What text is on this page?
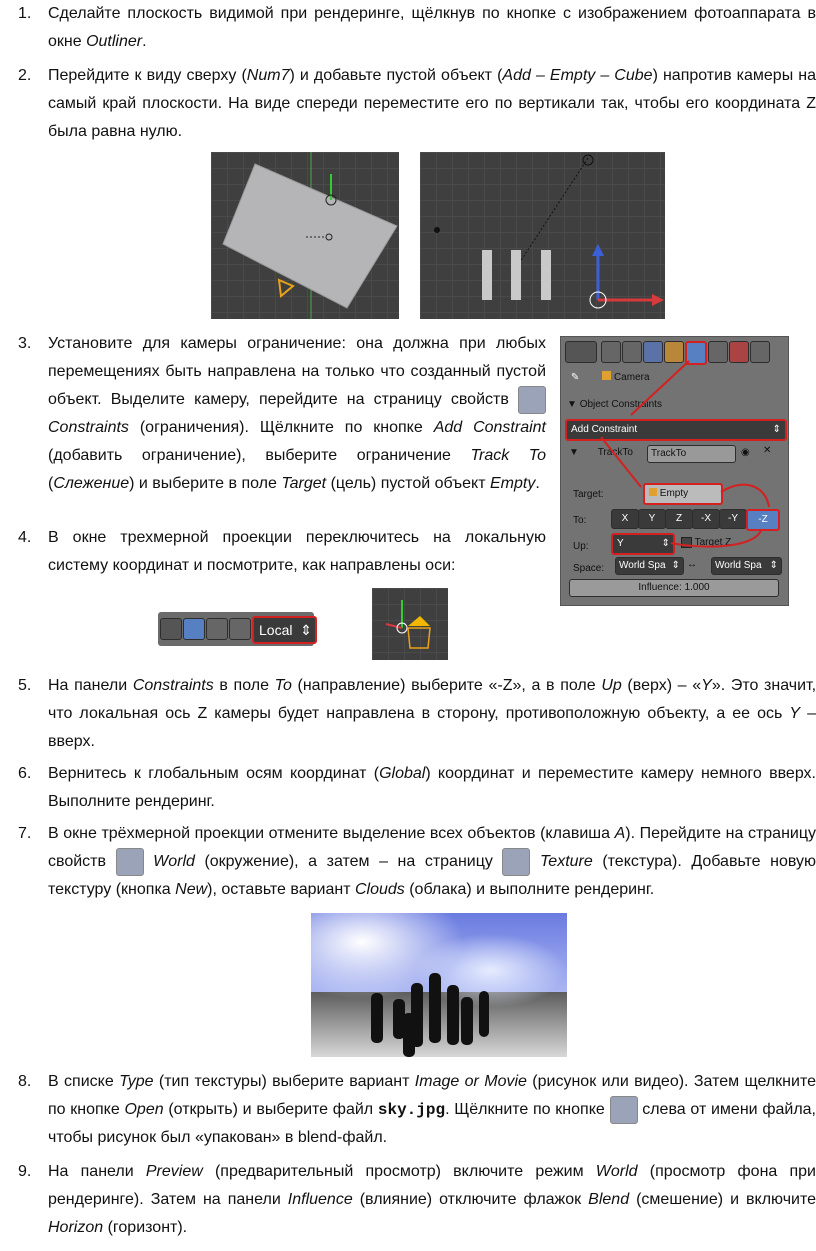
1. Сделайте плоскость видимой при рендеринге, щёлкнув по кнопке с изображением фотоаппарата в окне Outliner.
2. Перейдите к виду сверху (Num7) и добавьте пустой объект (Add – Empty – Cube) напротив камеры на самый край плоскости. На виде спереди переместите его по вертикали так, чтобы его координата Z была равна нулю.
3. Установите для камеры ограничение: она должна при любых перемещениях быть направлена на только что созданный пустой объект. Выделите камеру, перейдите на страницу свойств  Constraints (ограничения). Щёлкните по кнопке Add Constraint (добавить ограничение), выберите ограничение Track To (Слежение) и выберите в поле Target (цель) пустой объект Empty.
4. В окне трехмерной проекции переключитесь на локальную систему координат и посмотрите, как направлены оси:
✎	Camera
▼ Object Constraints
Add Constraint	⇕
▼ TrackTo	TrackTo	◉ ✕
Target:	Empty
To:	X	Y	Z	-X	-Y	-Z
Up:	Y	⇕	Target Z
Space:	World Spa ⇕ ↔	World Spa ⇕
Influence: 1.000
Local ⇕
5. На панели Constraints в поле To (направление) выберите «-Z», а в поле Up (верх) – «Y». Это значит, что локальная ось Z камеры будет направлена в сторону, противоположную объекту, а ее ось Y – вверх.
6. Вернитесь к глобальным осям координат (Global) координат и переместите камеру немного вверх. Выполните рендеринг.
7. В окне трёхмерной проекции отмените выделение всех объектов (клавиша A). Перейдите на страницу свойств  World (окружение), а затем – на страницу  Texture (текстура). Добавьте новую текстуру (кнопка New), оставьте вариант Clouds (облака) и выполните рендеринг.
8. В списке Type (тип текстуры) выберите вариант Image or Movie (рисунок или видео). Затем щелкните по кнопке Open (открыть) и выберите файл sky.jpg. Щёлкните по кнопке  слева от имени файла, чтобы рисунок был «упакован» в blend-файл.
9. На панели Preview (предварительный просмотр) включите режим World (просмотр фона при рендеринге). Затем на панели Influence (влияние) отключите флажок Blend (смешение) и включите Horizon (горизонт).
